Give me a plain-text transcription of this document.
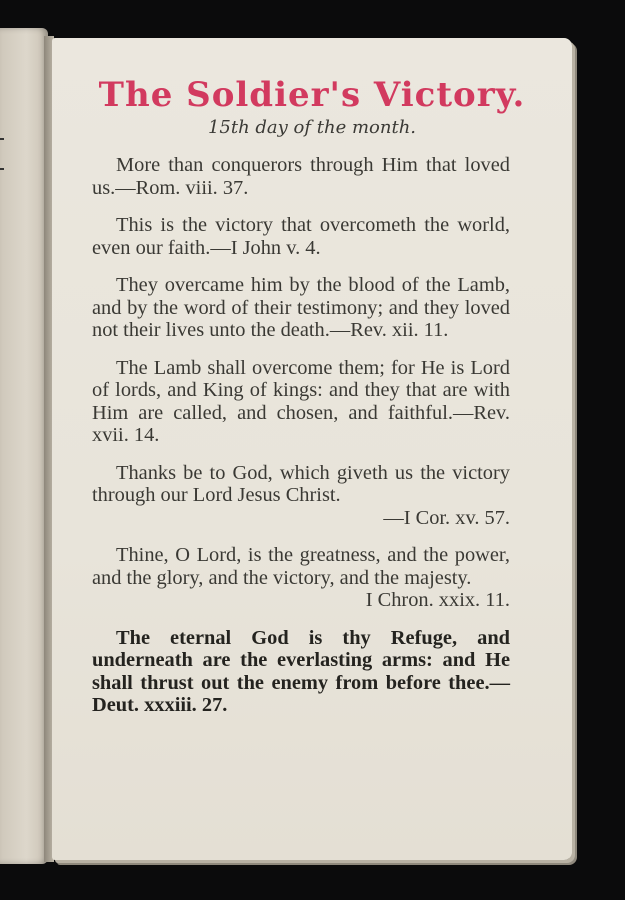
The Soldier's Victory.

15th day of the month.

More than conquerors through Him that loved us.—Rom. viii. 37.

This is the victory that overcometh the world, even our faith.—I John v. 4.

They overcame him by the blood of the Lamb, and by the word of their testimony; and they loved not their lives unto the death.—Rev. xii. 11.

The Lamb shall overcome them; for He is Lord of lords, and King of kings: and they that are with Him are called, and chosen, and faithful.—Rev. xvii. 14.

Thanks be to God, which giveth us the victory through our Lord Jesus Christ.
—I Cor. xv. 57.

Thine, O Lord, is the greatness, and the power, and the glory, and the victory, and the majesty.
I Chron. xxix. 11.

The eternal God is thy Refuge, and underneath are the everlasting arms: and He shall thrust out the enemy from before thee.—Deut. xxxiii. 27.
